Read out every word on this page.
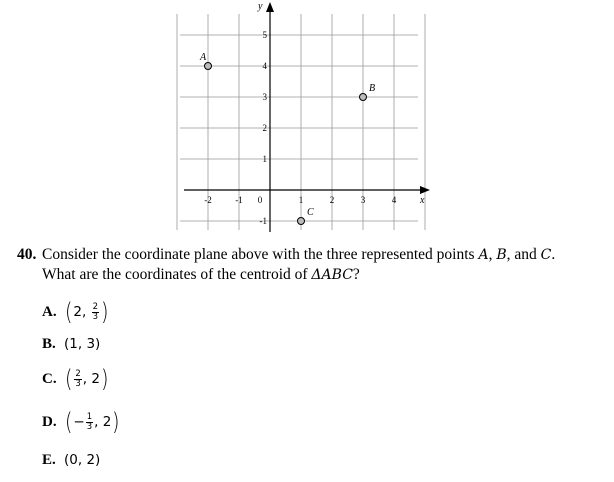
x
y
-2	-1 0	1	2	3	4
5
4
3
2
1
-1
A
B
C
40. Consider the coordinate plane above with the three represented points A, B, and C.
What are the coordinates of the centroid of ΔABC?
A. ( 2 , $\frac{2}{3}$ )
B. (1, 3)
C. ( $\frac{2}{3}$ , 2 )
D. ( − $\frac{1}{3}$ , 2 )
E. (0, 2)
